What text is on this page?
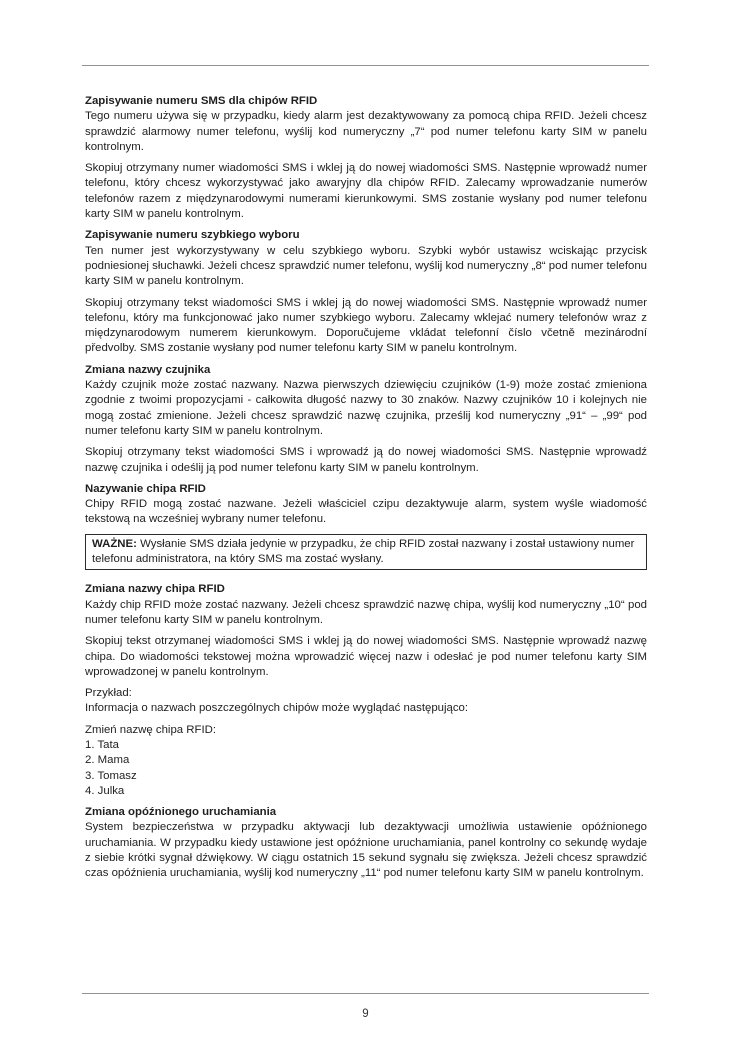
Zapisywanie numeru SMS dla chipów RFID

Tego numeru używa się w przypadku, kiedy alarm jest dezaktywowany za pomocą chipa RFID. Jeżeli chcesz sprawdzić alarmowy numer telefonu, wyślij kod numeryczny „7“ pod numer telefonu karty SIM w panelu kontrolnym.

Skopiuj otrzymany numer wiadomości SMS i wklej ją do nowej wiadomości SMS. Następnie wprowadź numer telefonu, który chcesz wykorzystywać jako awaryjny dla chipów RFID. Zalecamy wprowadzanie numerów telefonów razem z międzynarodowymi numerami kierunkowymi. SMS zostanie wysłany pod numer telefonu karty SIM w panelu kontrolnym.

Zapisywanie numeru szybkiego wyboru

Ten numer jest wykorzystywany w celu szybkiego wyboru. Szybki wybór ustawisz wciskając przycisk podniesionej słuchawki. Jeżeli chcesz sprawdzić numer telefonu, wyślij kod numeryczny „8“ pod numer telefonu karty SIM w panelu kontrolnym.

Skopiuj otrzymany tekst wiadomości SMS i wklej ją do nowej wiadomości SMS. Następnie wprowadź numer telefonu, który ma funkcjonować jako numer szybkiego wyboru. Zalecamy wklejać numery telefonów wraz z międzynarodowym numerem kierunkowym. Doporučujeme vkládat telefonní číslo včetně mezinárodní předvolby. SMS zostanie wysłany pod numer telefonu karty SIM w panelu kontrolnym.

Zmiana nazwy czujnika

Każdy czujnik może zostać nazwany. Nazwa pierwszych dziewięciu czujników (1-9) może zostać zmieniona zgodnie z twoimi propozycjami - całkowita długość nazwy to 30 znaków. Nazwy czujników 10 i kolejnych nie mogą zostać zmienione. Jeżeli chcesz sprawdzić nazwę czujnika, prześlij kod numeryczny „91“ – „99“ pod numer telefonu karty SIM w panelu kontrolnym.

Skopiuj otrzymany tekst wiadomości SMS i wprowadź ją do nowej wiadomości SMS. Następnie wprowadź nazwę czujnika i odeślij ją pod numer telefonu karty SIM w panelu kontrolnym.

Nazywanie chipa RFID

Chipy RFID mogą zostać nazwane. Jeżeli właściciel czipu dezaktywuje alarm, system wyśle wiadomość tekstową na wcześniej wybrany numer telefonu.

WAŻNE: Wysłanie SMS działa jedynie w przypadku, że chip RFID został nazwany i został ustawiony numer telefonu administratora, na który SMS ma zostać wysłany.
Zmiana nazwy chipa RFID

Każdy chip RFID może zostać nazwany. Jeżeli chcesz sprawdzić nazwę chipa, wyślij kod numeryczny „10“ pod numer telefonu karty SIM w panelu kontrolnym.

Skopiuj tekst otrzymanej wiadomości SMS i wklej ją do nowej wiadomości SMS. Następnie wprowadź nazwę chipa. Do wiadomości tekstowej można wprowadzić więcej nazw i odesłać je pod numer telefonu karty SIM wprowadzonej w panelu kontrolnym.

Przykład:
Informacja o nazwach poszczególnych chipów może wyglądać następująco:
Zmień nazwę chipa RFID:
1. Tata
2. Mama
3. Tomasz
4. Julka
Zmiana opóźnionego uruchamiania

System bezpieczeństwa w przypadku aktywacji lub dezaktywacji umożliwia ustawienie opóźnionego uruchamiania. W przypadku kiedy ustawione jest opóźnione uruchamiania, panel kontrolny co sekundę wydaje z siebie krótki sygnał dźwiękowy. W ciągu ostatnich 15 sekund sygnału się zwiększa. Jeżeli chcesz sprawdzić czas opóźnienia uruchamiania, wyślij kod numeryczny „11“ pod numer telefonu karty SIM w panelu kontrolnym.

9
